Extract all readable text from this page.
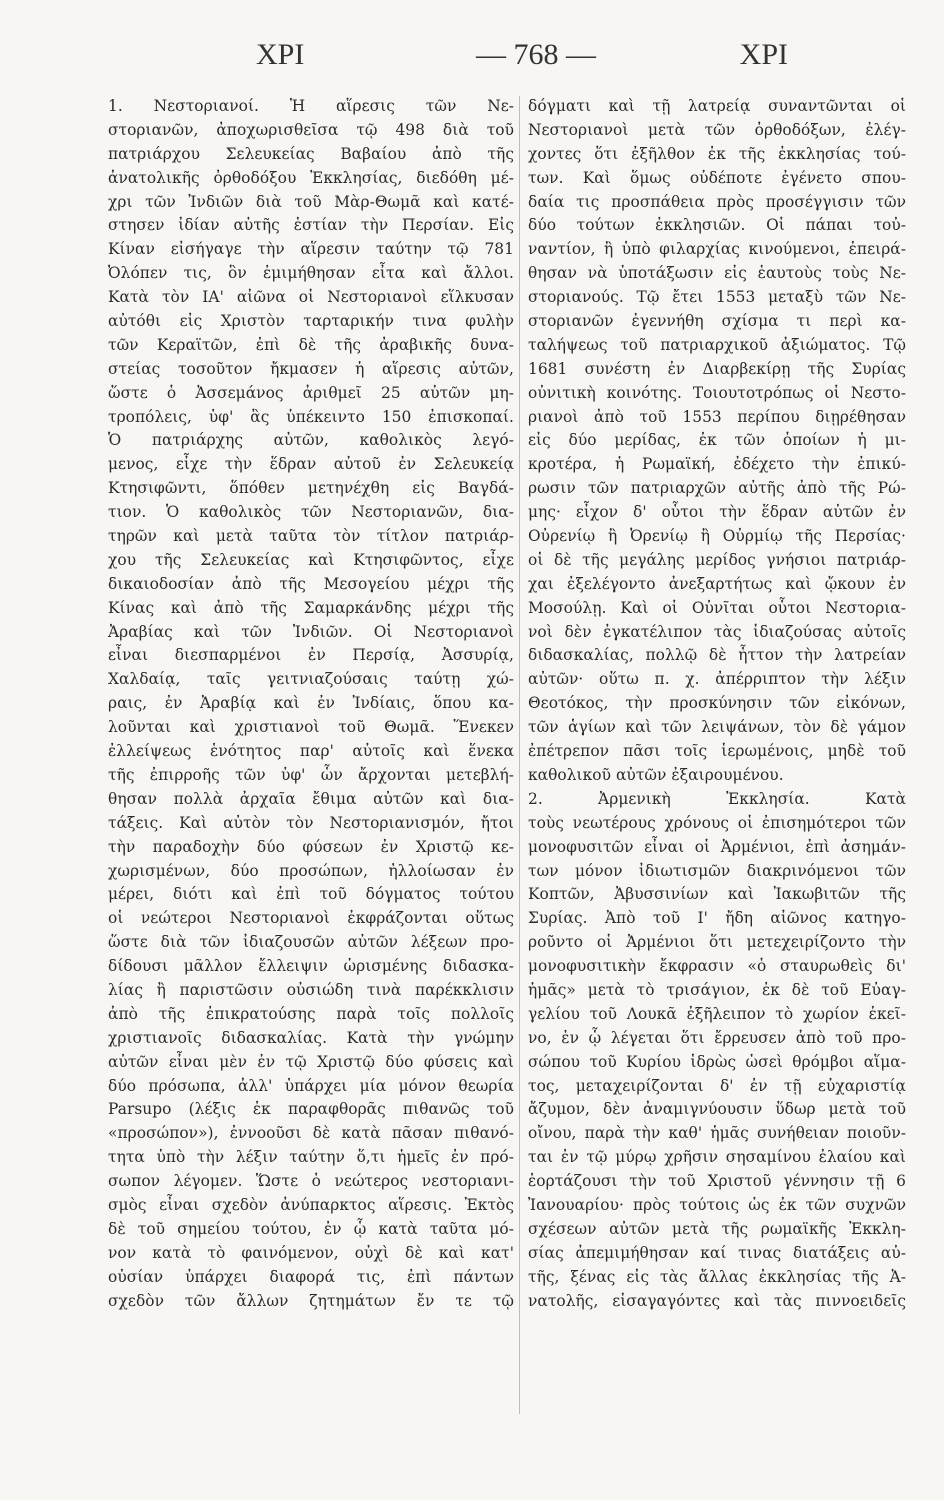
ΧΡΙ	— 768 —	ΧΡΙ
1. Νεστοριανοί. Ἡ αἵρεσις τῶν Νε-
στοριανῶν, ἀποχωρισθεῖσα τῷ 498 διὰ τοῦ
πατριάρχου Σελευκείας Βαβαίου ἀπὸ τῆς
ἀνατολικῆς ὀρθοδόξου Ἐκκλησίας, διεδόθη μέ-
χρι τῶν Ἰνδιῶν διὰ τοῦ Μὰρ-Θωμᾶ καὶ κατέ-
στησεν ἰδίαν αὐτῆς ἑστίαν τὴν Περσίαν. Εἰς
Κίναν εἰσήγαγε τὴν αἵρεσιν ταύτην τῷ 781
Ὀλόπεν τις, ὃν ἐμιμήθησαν εἶτα καὶ ἄλλοι.
Κατὰ τὸν ΙΑ' αἰῶνα οἱ Νεστοριανοὶ εἵλκυσαν
αὐτόθι εἰς Χριστὸν ταρταρικήν τινα φυλὴν
τῶν Κεραϊτῶν, ἐπὶ δὲ τῆς ἀραβικῆς δυνα-
στείας τοσοῦτον ἤκμασεν ἡ αἵρεσις αὐτῶν,
ὥστε ὁ Ἀσσεμάνος ἀριθμεῖ 25 αὐτῶν μη-
τροπόλεις, ὑφ' ἃς ὑπέκειντο 150 ἐπισκοπαί.
Ὁ πατριάρχης αὐτῶν, καθολικὸς λεγό-
μενος, εἶχε τὴν ἕδραν αὐτοῦ ἐν Σελευκείᾳ
Κτησιφῶντι, ὅπόθεν μετηνέχθη εἰς Βαγδά-
τιον. Ὁ καθολικὸς τῶν Νεστοριανῶν, δια-
τηρῶν καὶ μετὰ ταῦτα τὸν τίτλον πατριάρ-
χου τῆς Σελευκείας καὶ Κτησιφῶντος, εἶχε
δικαιοδοσίαν ἀπὸ τῆς Μεσογείου μέχρι τῆς
Κίνας καὶ ἀπὸ τῆς Σαμαρκάνδης μέχρι τῆς
Ἀραβίας καὶ τῶν Ἰνδιῶν. Οἱ Νεστοριανοὶ
εἶναι διεσπαρμένοι ἐν Περσίᾳ, Ἀσσυρίᾳ,
Χαλδαίᾳ, ταῖς γειτνιαζούσαις ταύτῃ χώ-
ραις, ἐν Ἀραβίᾳ καὶ ἐν Ἰνδίαις, ὅπου κα-
λοῦνται καὶ χριστιανοὶ τοῦ Θωμᾶ. Ἕνεκεν
ἐλλείψεως ἑνότητος παρ' αὐτοῖς καὶ ἕνεκα
τῆς ἐπιρροῆς τῶν ὑφ' ὧν ἄρχονται μετεβλή-
θησαν πολλὰ ἀρχαῖα ἔθιμα αὐτῶν καὶ δια-
τάξεις. Καὶ αὐτὸν τὸν Νεστοριανισμόν, ἤτοι
τὴν παραδοχὴν δύο φύσεων ἐν Χριστῷ κε-
χωρισμένων, δύο προσώπων, ἠλλοίωσαν ἐν
μέρει, διότι καὶ ἐπὶ τοῦ δόγματος τούτου
οἱ νεώτεροι Νεστοριανοὶ ἐκφράζονται οὕτως
ὥστε διὰ τῶν ἰδιαζουσῶν αὐτῶν λέξεων προ-
δίδουσι μᾶλλον ἔλλειψιν ὡρισμένης διδασκα-
λίας ἢ παριστῶσιν οὐσιώδη τινὰ παρέκκλισιν
ἀπὸ τῆς ἐπικρατούσης παρὰ τοῖς πολλοῖς
χριστιανοῖς διδασκαλίας. Κατὰ τὴν γνώμην
αὐτῶν εἶναι μὲν ἐν τῷ Χριστῷ δύο φύσεις καὶ
δύο πρόσωπα, ἀλλ' ὑπάρχει μία μόνον θεωρία
Parsupo (λέξις ἐκ παραφθορᾶς πιθανῶς τοῦ
«προσώπον»), ἐννοοῦσι δὲ κατὰ πᾶσαν πιθανό-
τητα ὑπὸ τὴν λέξιν ταύτην ὅ,τι ἡμεῖς ἐν πρό-
σωπον λέγομεν. Ὥστε ὁ νεώτερος νεστοριανι-
σμὸς εἶναι σχεδὸν ἀνύπαρκτος αἵρεσις. Ἐκτὸς
δὲ τοῦ σημείου τούτου, ἐν ᾧ κατὰ ταῦτα μό-
νον κατὰ τὸ φαινόμενον, οὐχὶ δὲ καὶ κατ'
οὐσίαν ὑπάρχει διαφορά τις, ἐπὶ πάντων
σχεδὸν τῶν ἄλλων ζητημάτων ἔν τε τῷ
δόγματι καὶ τῇ λατρείᾳ συναντῶνται οἱ
Νεστοριανοὶ μετὰ τῶν ὀρθοδόξων, ἐλέγ-
χοντες ὅτι ἐξῆλθον ἐκ τῆς ἐκκλησίας τού-
των. Καὶ ὅμως οὐδέποτε ἐγένετο σπου-
δαία τις προσπάθεια πρὸς προσέγγισιν τῶν
δύο τούτων ἐκκλησιῶν. Οἱ πάπαι τοὐ-
ναντίον, ἢ ὑπὸ φιλαρχίας κινούμενοι, ἐπειρά-
θησαν νὰ ὑποτάξωσιν εἰς ἑαυτοὺς τοὺς Νε-
στοριανούς. Τῷ ἔτει 1553 μεταξὺ τῶν Νε-
στοριανῶν ἐγεννήθη σχίσμα τι περὶ κα-
ταλήψεως τοῦ πατριαρχικοῦ ἀξιώματος. Τῷ
1681 συνέστη ἐν Διαρβεκίρῃ τῆς Συρίας
οὐνιτικὴ κοινότης. Τοιουτοτρόπως οἱ Νεστο-
ριανοὶ ἀπὸ τοῦ 1553 περίπου διῃρέθησαν
εἰς δύο μερίδας, ἐκ τῶν ὁποίων ἡ μι-
κροτέρα, ἡ Ρωμαϊκή, ἐδέχετο τὴν ἐπικύ-
ρωσιν τῶν πατριαρχῶν αὐτῆς ἀπὸ τῆς Ρώ-
μης· εἶχον δ' οὗτοι τὴν ἕδραν αὐτῶν ἐν
Οὐρενίῳ ἢ Ὀρενίῳ ἢ Οὐρμίῳ τῆς Περσίας·
οἱ δὲ τῆς μεγάλης μερίδος γνήσιοι πατριάρ-
χαι ἐξελέγοντο ἀνεξαρτήτως καὶ ᾤκουν ἐν
Μοσούλῃ. Καὶ οἱ Οὐνῖται οὗτοι Νεστορια-
νοὶ δὲν ἐγκατέλιπον τὰς ἰδιαζούσας αὐτοῖς
διδασκαλίας, πολλῷ δὲ ἧττον τὴν λατρείαν
αὐτῶν· οὕτω π. χ. ἀπέρριπτον τὴν λέξιν
Θεοτόκος, τὴν προσκύνησιν τῶν εἰκόνων,
τῶν ἁγίων καὶ τῶν λειψάνων, τὸν δὲ γάμον
ἐπέτρεπον πᾶσι τοῖς ἱερωμένοις, μηδὲ τοῦ
καθολικοῦ αὐτῶν ἐξαιρουμένου.
2. Ἀρμενικὴ Ἐκκλησία. Κατὰ
τοὺς νεωτέρους χρόνους οἱ ἐπισημότεροι τῶν
μονοφυσιτῶν εἶναι οἱ Ἀρμένιοι, ἐπὶ ἀσημάν-
των μόνον ἰδιωτισμῶν διακρινόμενοι τῶν
Κοπτῶν, Ἀβυσσινίων καὶ Ἰακωβιτῶν τῆς
Συρίας. Ἀπὸ τοῦ Ι' ἤδη αἰῶνος κατηγο-
ροῦντο οἱ Ἀρμένιοι ὅτι μετεχειρίζοντο τὴν
μονοφυσιτικὴν ἔκφρασιν «ὁ σταυρωθεὶς δι'
ἡμᾶς» μετὰ τὸ τρισάγιον, ἐκ δὲ τοῦ Εὐαγ-
γελίου τοῦ Λουκᾶ ἐξῆλειπον τὸ χωρίον ἐκεῖ-
νο, ἐν ᾧ λέγεται ὅτι ἔρρευσεν ἀπὸ τοῦ προ-
σώπου τοῦ Κυρίου ἱδρὼς ὡσεὶ θρόμβοι αἵμα-
τος, μεταχειρίζονται δ' ἐν τῇ εὐχαριστίᾳ
ἄζυμον, δὲν ἀναμιγνύουσιν ὕδωρ μετὰ τοῦ
οἴνου, παρὰ τὴν καθ' ἡμᾶς συνήθειαν ποιοῦν-
ται ἐν τῷ μύρῳ χρῆσιν σησαμίνου ἐλαίου καὶ
ἑορτάζουσι τὴν τοῦ Χριστοῦ γέννησιν τῇ 6
Ἰανουαρίου· πρὸς τούτοις ὡς ἐκ τῶν συχνῶν
σχέσεων αὐτῶν μετὰ τῆς ρωμαϊκῆς Ἐκκλη-
σίας ἀπεμιμήθησαν καί τινας διατάξεις αὐ-
τῆς, ξένας εἰς τὰς ἄλλας ἐκκλησίας τῆς Ἀ-
νατολῆς, εἰσαγαγόντες καὶ τὰς πιννοειδεῖς
